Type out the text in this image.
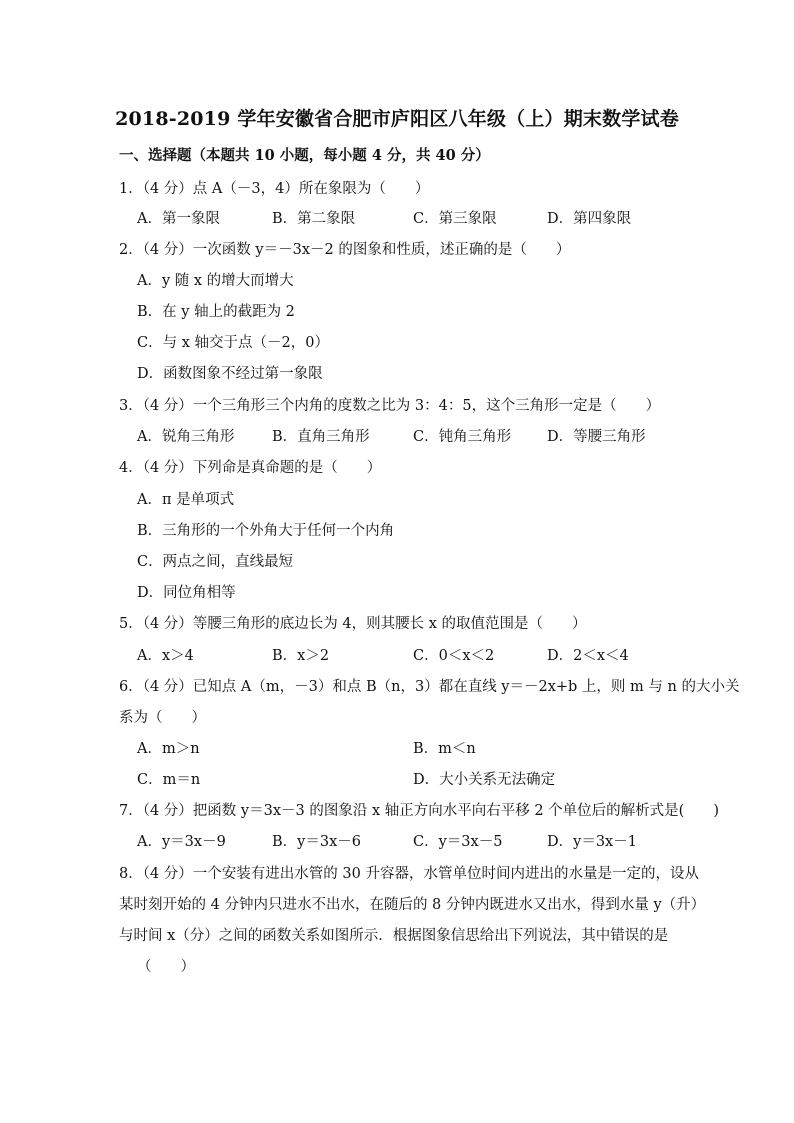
2018-2019 学年安徽省合肥市庐阳区八年级（上）期末数学试卷
一、选择题（本题共 10 小题，每小题 4 分，共 40 分）
1．（4 分）点 A（－3，4）所在象限为（　　）
A．第一象限	B．第二象限	C．第三象限	D．第四象限
2．（4 分）一次函数 y＝－3x－2 的图象和性质，述正确的是（　　）
A．y 随 x 的增大而增大
B．在 y 轴上的截距为 2
C．与 x 轴交于点（－2，0）
D．函数图象不经过第一象限
3．（4 分）一个三角形三个内角的度数之比为 3：4：5，这个三角形一定是（　　）
A．锐角三角形	B．直角三角形	C．钝角三角形 D．等腰三角形
4．（4 分）下列命是真命题的是（　　）
A．π 是单项式
B．三角形的一个外角大于任何一个内角
C．两点之间，直线最短
D．同位角相等
5．（4 分）等腰三角形的底边长为 4，则其腰长 x 的取值范围是（　　）
A．x＞4	B．x＞2	C．0＜x＜2	D．2＜x＜4
6．（4 分）已知点 A（m，－3）和点 B（n，3）都在直线 y＝－2x+b 上，则 m 与 n 的大小关
系为（　　）
A．m＞n	B．m＜n
C．m＝n	D．大小关系无法确定
7．（4 分）把函数 y＝3x－3 的图象沿 x 轴正方向水平向右平移 2 个单位后的解析式是(　　)
A．y＝3x－9	B．y＝3x－6	C．y＝3x－5	D．y＝3x－1
8．（4 分）一个安装有进出水管的 30 升容器，水管单位时间内进出的水量是一定的，设从
某时刻开始的 4 分钟内只进水不出水，在随后的 8 分钟内既进水又出水，得到水量 y（升）
与时间 x（分）之间的函数关系如图所示．根据图象信思给出下列说法，其中错误的是
（　　）
